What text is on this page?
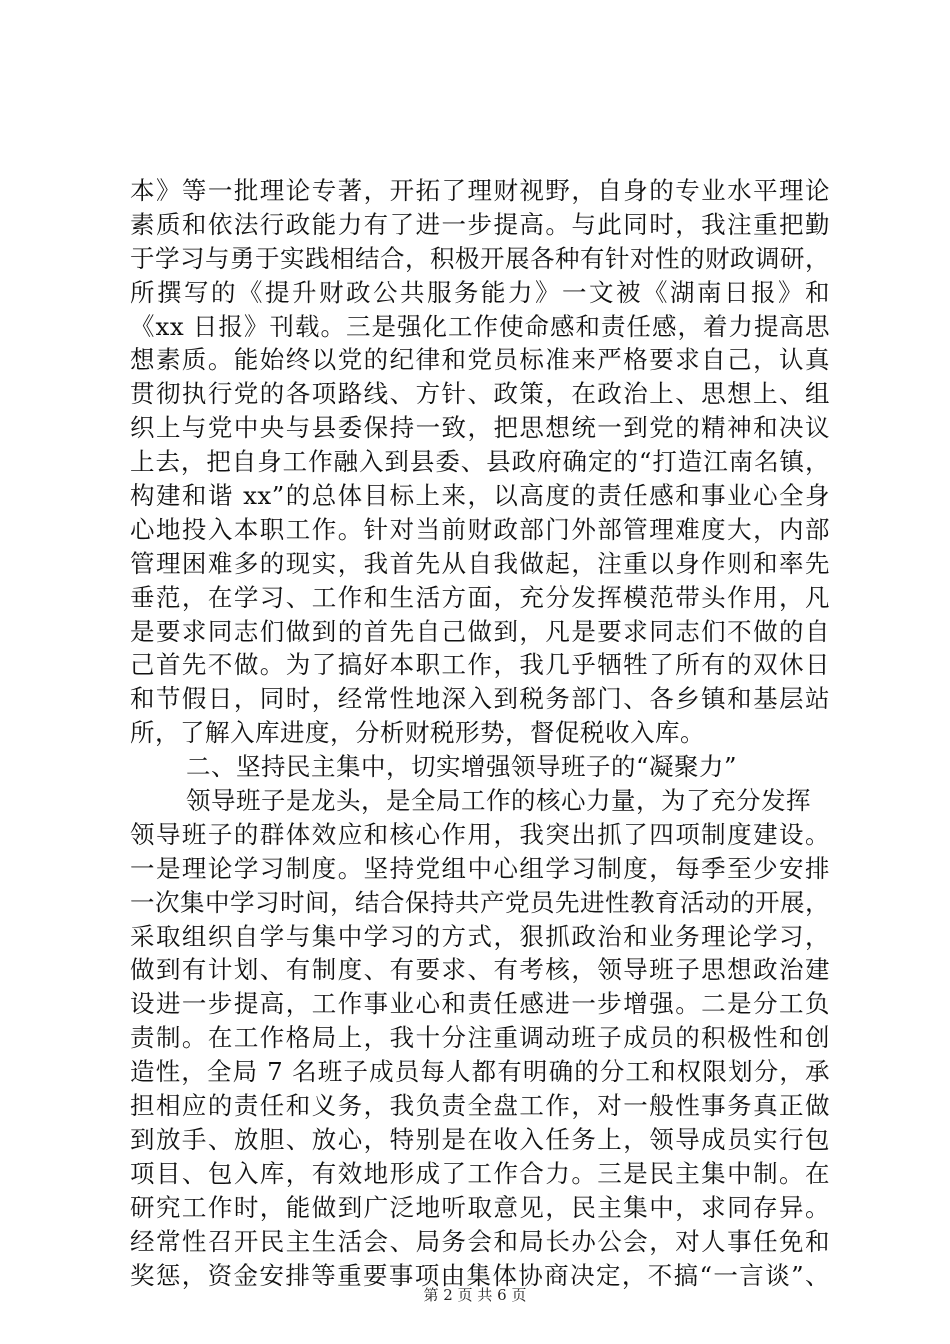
本》等一批理论专著，开拓了理财视野，自身的专业水平理论
素质和依法行政能力有了进一步提高。与此同时，我注重把勤
于学习与勇于实践相结合，积极开展各种有针对性的财政调研，
所撰写的《提升财政公共服务能力》一文被《湖南日报》和
《xx 日报》刊载。三是强化工作使命感和责任感，着力提高思
想素质。能始终以党的纪律和党员标准来严格要求自己，认真
贯彻执行党的各项路线、方针、政策，在政治上、思想上、组
织上与党中央与县委保持一致，把思想统一到党的精神和决议
上去，把自身工作融入到县委、县政府确定的“打造江南名镇，
构建和谐 xx”的总体目标上来，以高度的责任感和事业心全身
心地投入本职工作。针对当前财政部门外部管理难度大，内部
管理困难多的现实，我首先从自我做起，注重以身作则和率先
垂范，在学习、工作和生活方面，充分发挥模范带头作用，凡
是要求同志们做到的首先自己做到，凡是要求同志们不做的自
己首先不做。为了搞好本职工作，我几乎牺牲了所有的双休日
和节假日，同时，经常性地深入到税务部门、各乡镇和基层站
所，了解入库进度，分析财税形势，督促税收入库。
二、坚持民主集中，切实增强领导班子的“凝聚力”
领导班子是龙头，是全局工作的核心力量，为了充分发挥
领导班子的群体效应和核心作用，我突出抓了四项制度建设。
一是理论学习制度。坚持党组中心组学习制度，每季至少安排
一次集中学习时间，结合保持共产党员先进性教育活动的开展，
采取组织自学与集中学习的方式，狠抓政治和业务理论学习，
做到有计划、有制度、有要求、有考核，领导班子思想政治建
设进一步提高，工作事业心和责任感进一步增强。二是分工负
责制。在工作格局上，我十分注重调动班子成员的积极性和创
造性，全局 7 名班子成员每人都有明确的分工和权限划分，承
担相应的责任和义务，我负责全盘工作，对一般性事务真正做
到放手、放胆、放心，特别是在收入任务上，领导成员实行包
项目、包入库，有效地形成了工作合力。三是民主集中制。在
研究工作时，能做到广泛地听取意见，民主集中，求同存异。
经常性召开民主生活会、局务会和局长办公会，对人事任免和
奖惩，资金安排等重要事项由集体协商决定，不搞“一言谈”、
第 2 页 共 6 页
